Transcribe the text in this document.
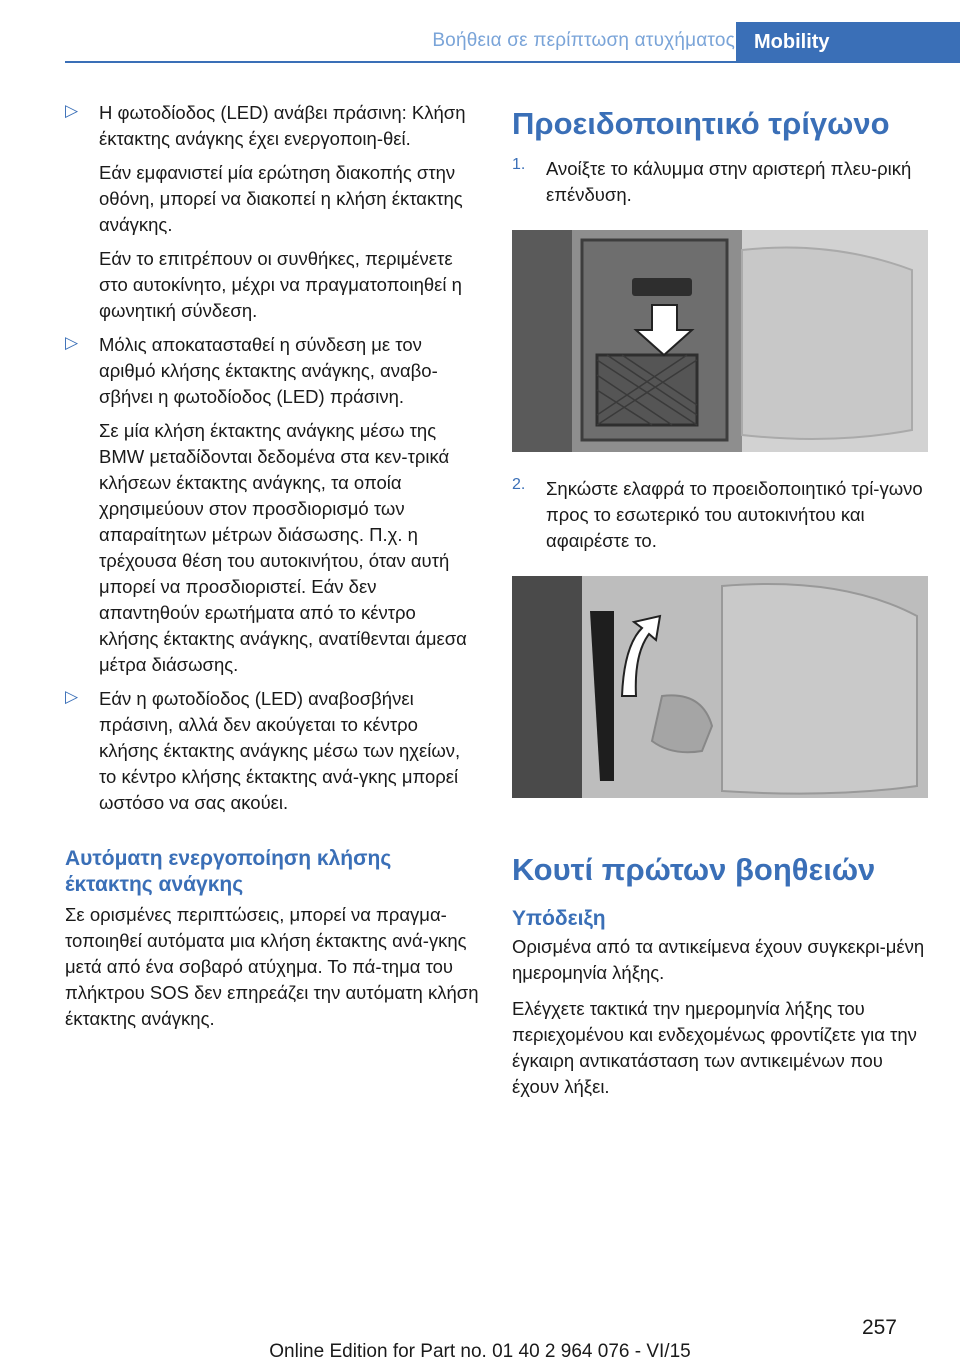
Βοήθεια σε περίπτωση ατυχήματος Mobility
▷ Η φωτοδίοδος (LED) ανάβει πράσινη: Κλήση έκτακτης ανάγκης έχει ενεργοποιη‐θεί.

Εάν εμφανιστεί μία ερώτηση διακοπής στην οθόνη, μπορεί να διακοπεί η κλήση έκτακτης ανάγκης.

Εάν το επιτρέπουν οι συνθήκες, περιμένετε στο αυτοκίνητο, μέχρι να πραγματοποιηθεί η φωνητική σύνδεση.

▷ Μόλις αποκατασταθεί η σύνδεση με τον αριθμό κλήσης έκτακτης ανάγκης, αναβο‐σβήνει η φωτοδίοδος (LED) πράσινη.

Σε μία κλήση έκτακτης ανάγκης μέσω της BMW μεταδίδονται δεδομένα στα κεν‐τρικά κλήσεων έκτακτης ανάγκης, τα οποία χρησιμεύουν στον προσδιορισμό των απαραίτητων μέτρων διάσωσης. Π.χ. η τρέχουσα θέση του αυτοκινήτου, όταν αυτή μπορεί να προσδιοριστεί. Εάν δεν απαντηθούν ερωτήματα από το κέντρο κλήσης έκτακτης ανάγκης, ανατίθενται άμεσα μέτρα διάσωσης.

▷ Εάν η φωτοδίοδος (LED) αναβοσβήνει πράσινη, αλλά δεν ακούγεται το κέντρο κλήσης έκτακτης ανάγκης μέσω των ηχείων, το κέντρο κλήσης έκτακτης ανά‐γκης μπορεί ωστόσο να σας ακούει.

Αυτόματη ενεργοποίηση κλήσης έκτακτης ανάγκης

Σε ορισμένες περιπτώσεις, μπορεί να πραγμα‐τοποιηθεί αυτόματα μια κλήση έκτακτης ανά‐γκης μετά από ένα σοβαρό ατύχημα. Το πά‐τημα του πλήκτρου SOS δεν επηρεάζει την αυτόματη κλήση έκτακτης ανάγκης.

Προειδοποιητικό τρίγωνο
1. Ανοίξτε το κάλυμμα στην αριστερή πλευ‐ρική επένδυση.

2. Σηκώστε ελαφρά το προειδοποιητικό τρί‐γωνο προς το εσωτερικό του αυτοκινήτου και αφαιρέστε το.

Κουτί πρώτων βοηθειών
Υπόδειξη

Ορισμένα από τα αντικείμενα έχουν συγκεκρι‐μένη ημερομηνία λήξης.

Ελέγχετε τακτικά την ημερομηνία λήξης του περιεχομένου και ενδεχομένως φροντίζετε για την έγκαιρη αντικατάσταση των αντικειμένων που έχουν λήξει.

257
Online Edition for Part no. 01 40 2 964 076 - VI/15
